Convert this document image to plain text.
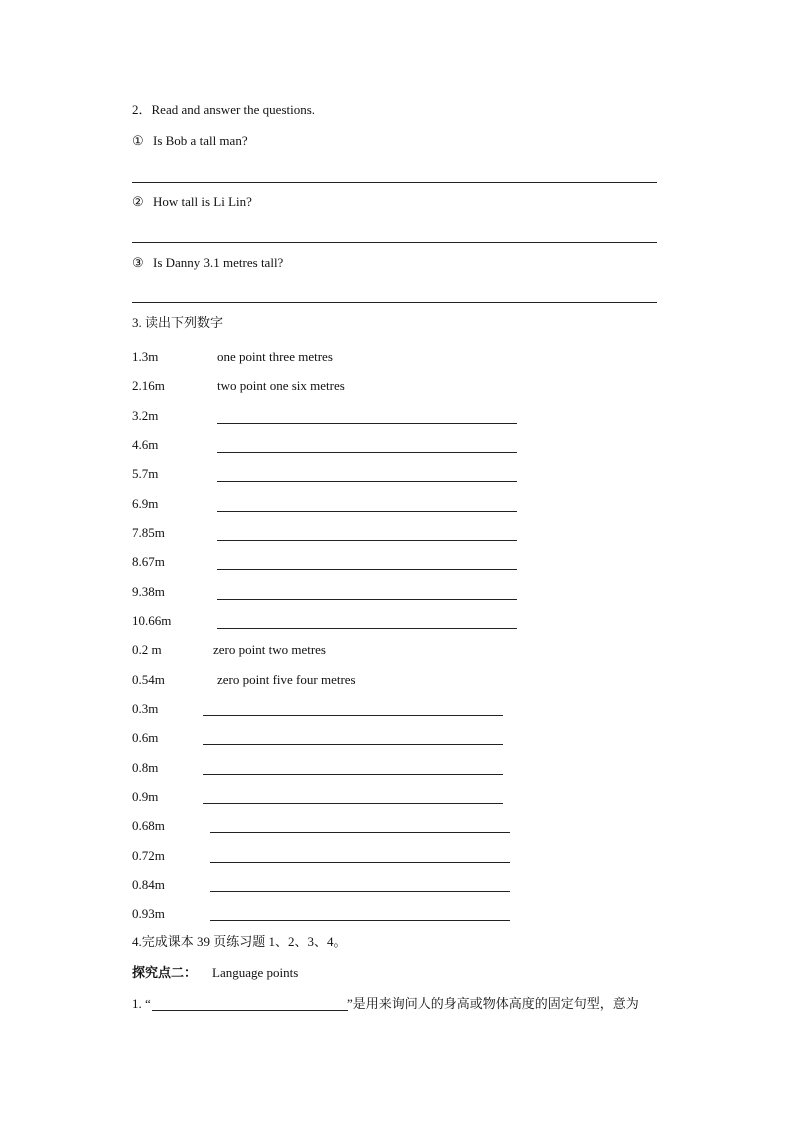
2．Read and answer the questions.
① Is Bob a tall man?
② How tall is Li Lin?
③ Is Danny 3.1 metres tall?
3. 读出下列数字
1.3m	one point three metres
2.16m	two point one six metres
3.2m
4.6m
5.7m
6.9m
7.85m
8.67m
9.38m
10.66m
0.2 m	zero point two metres
0.54m	zero point five four metres
0.3m
0.6m
0.8m
0.9m
0.68m
0.72m
0.84m
0.93m
4.完成课本 39 页练习题 1、2、3、4。
探究点二： Language points
1. “	”是用来询问人的身高或物体高度的固定句型，意为
